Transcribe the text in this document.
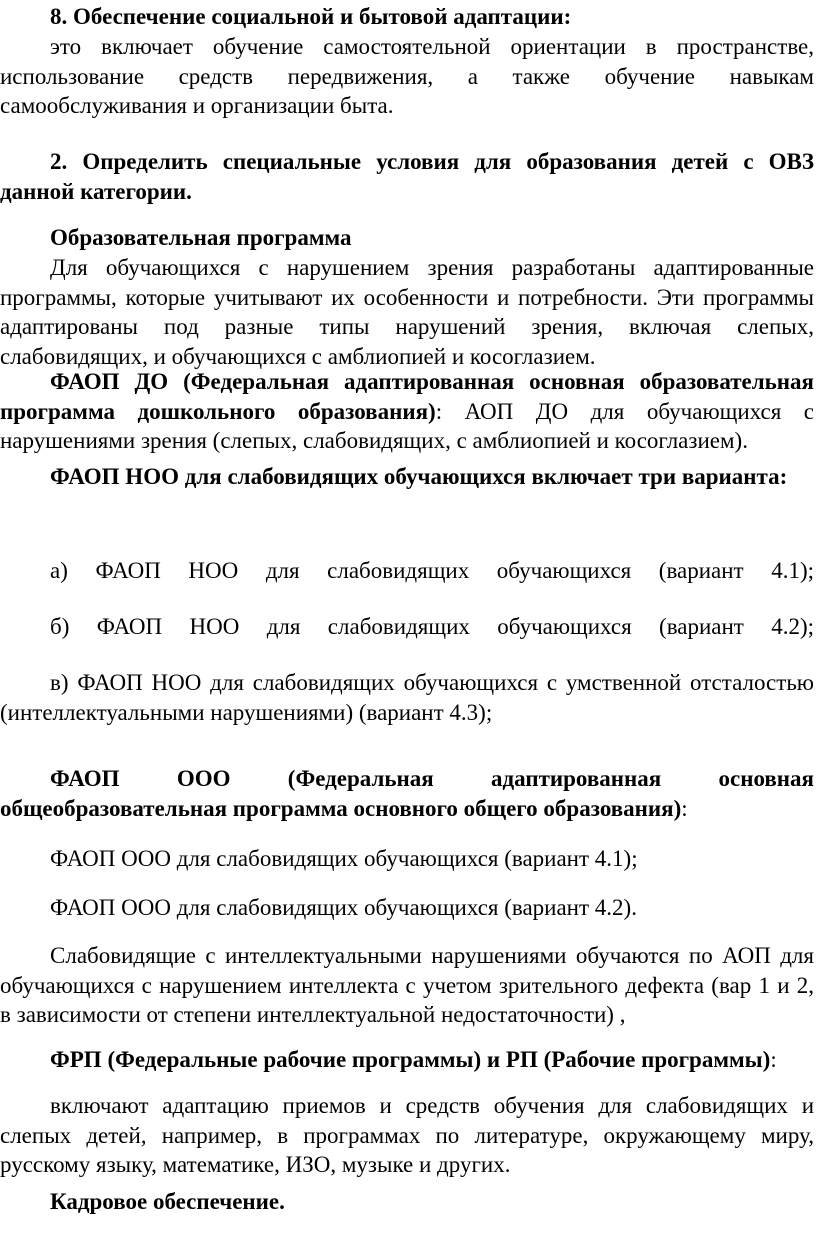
8. Обеспечение социальной и бытовой адаптации:

это включает обучение самостоятельной ориентации в пространстве, использование средств передвижения, а также обучение навыкам самообслуживания и организации быта.

2. Определить специальные условия для образования детей с ОВЗ данной категории.

Образовательная программа

Для обучающихся с нарушением зрения разработаны адаптированные программы, которые учитывают их особенности и потребности. Эти программы адаптированы под разные типы нарушений зрения, включая слепых, слабовидящих, и обучающихся с амблиопией и косоглазием.

ФАОП ДО (Федеральная адаптированная основная образовательная программа дошкольного образования): АОП ДО для обучающихся с нарушениями зрения (слепых, слабовидящих, с амблиопией и косоглазием).

ФАОП НОО для слабовидящих обучающихся включает три варианта:

а) ФАОП НОО для слабовидящих обучающихся (вариант 4.1);

б) ФАОП НОО для слабовидящих обучающихся (вариант 4.2);

в) ФАОП НОО для слабовидящих обучающихся с умственной отсталостью (интеллектуальными нарушениями) (вариант 4.3);

ФАОП ООО (Федеральная адаптированная основная общеобразовательная программа основного общего образования):

ФАОП ООО для слабовидящих обучающихся (вариант 4.1);

ФАОП ООО для слабовидящих обучающихся (вариант 4.2).

Слабовидящие с интеллектуальными нарушениями обучаются по АОП для обучающихся с нарушением интеллекта с учетом зрительного дефекта (вар 1 и 2, в зависимости от степени интеллектуальной недостаточности) ,

ФРП (Федеральные рабочие программы) и РП (Рабочие программы):

включают адаптацию приемов и средств обучения для слабовидящих и слепых детей, например, в программах по литературе, окружающему миру, русскому языку, математике, ИЗО, музыке и других.

Кадровое обеспечение.
